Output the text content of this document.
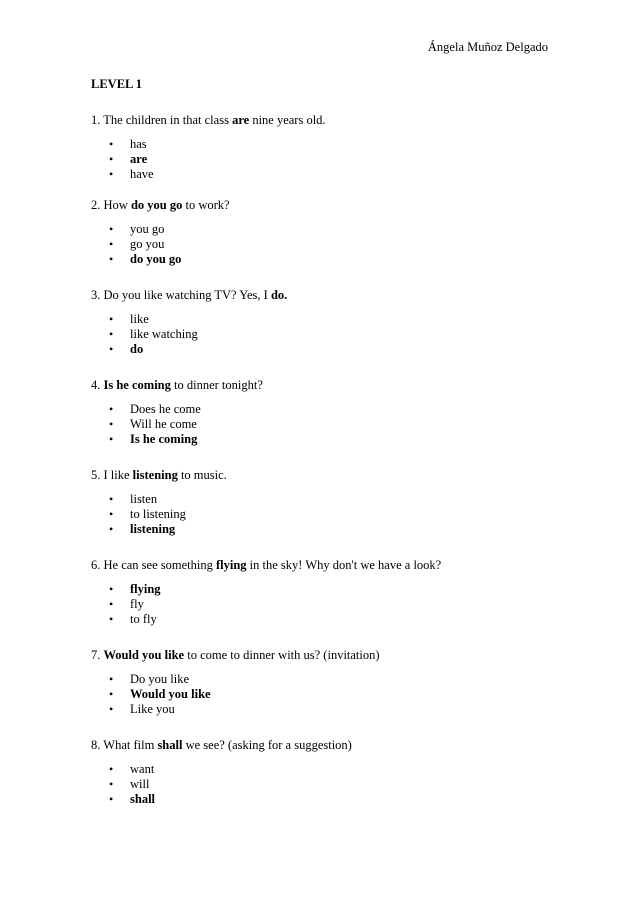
Ángela Muñoz Delgado
LEVEL 1
1. The children in that class are nine years old.
• has
• are
• have
2. How do you go to work?
• you go
• go you
• do you go
3. Do you like watching TV? Yes, I do.
• like
• like watching
• do
4. Is he coming to dinner tonight?
• Does he come
• Will he come
• Is he coming
5. I like listening to music.
• listen
• to listening
• listening
6. He can see something flying in the sky! Why don't we have a look?
• flying
• fly
• to fly
7. Would you like to come to dinner with us? (invitation)
• Do you like
• Would you like
• Like you
8. What film shall we see? (asking for a suggestion)
• want
• will
• shall
